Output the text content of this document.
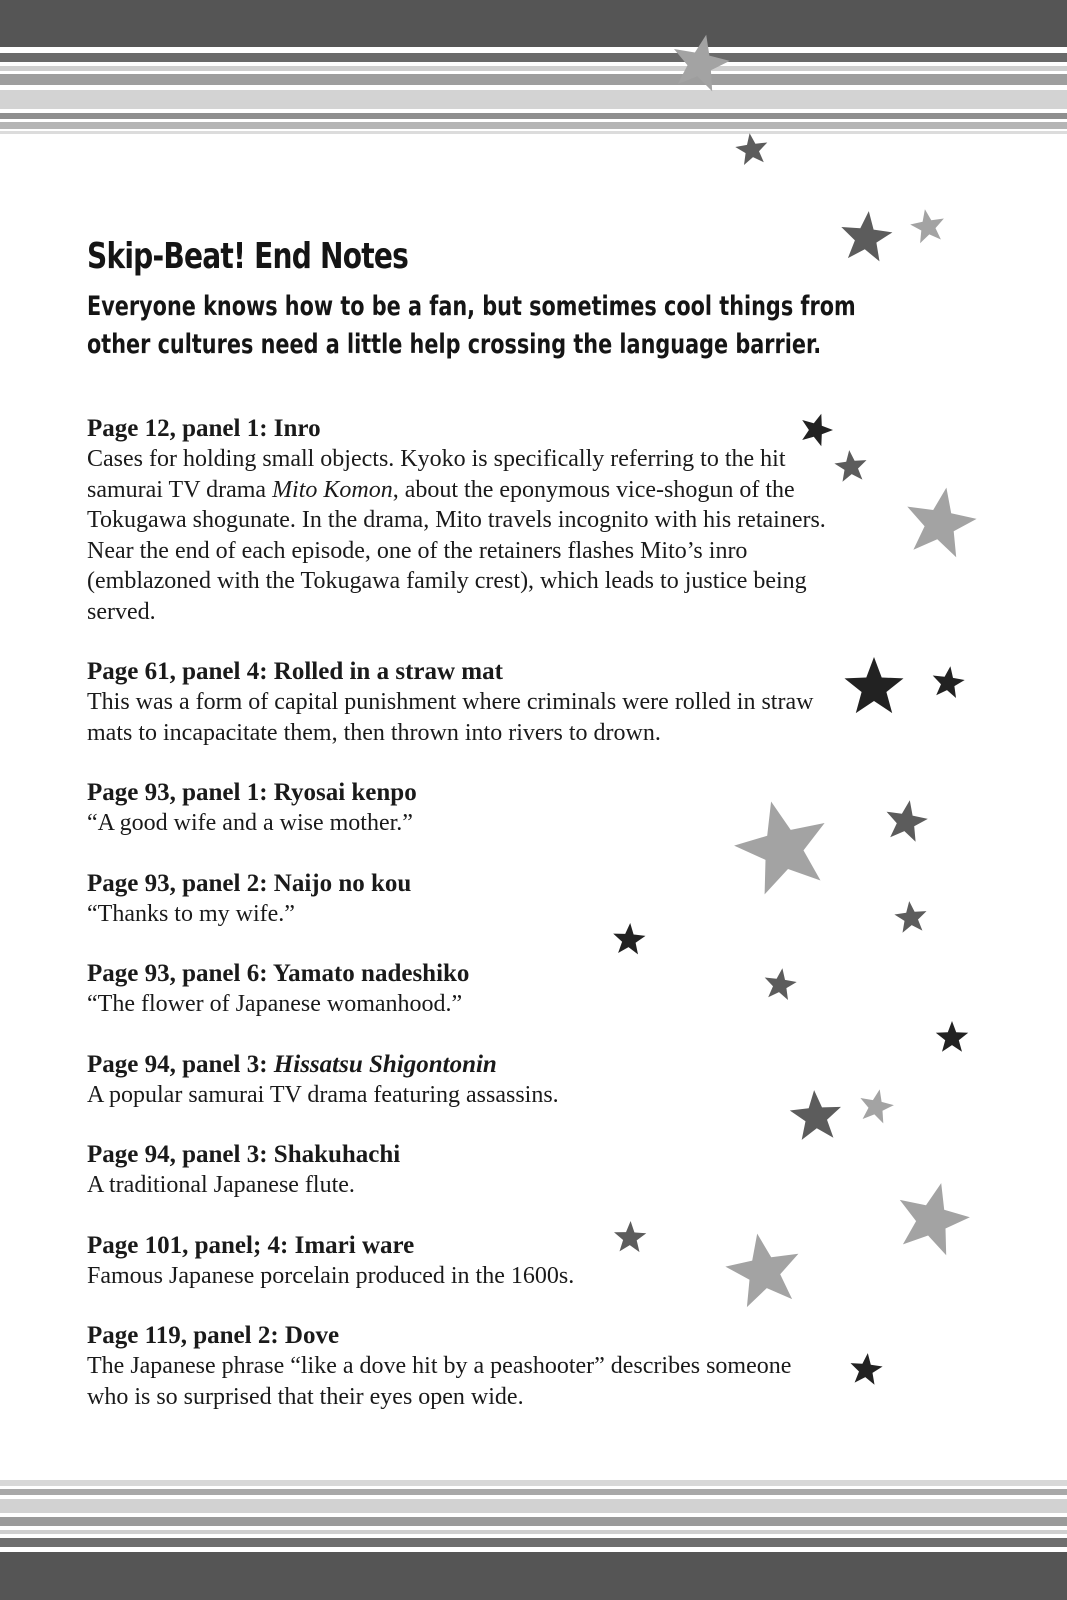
Skip-Beat! End Notes

Everyone knows how to be a fan, but sometimes cool things from other cultures need a little help crossing the language barrier.

Page 12, panel 1: Inro

Cases for holding small objects. Kyoko is specifically referring to the hit samurai TV drama Mito Komon, about the eponymous vice-shogun of the Tokugawa shogunate. In the drama, Mito travels incognito with his retainers. Near the end of each episode, one of the retainers flashes Mito’s inro (emblazoned with the Tokugawa family crest), which leads to justice being served.

Page 61, panel 4: Rolled in a straw mat

This was a form of capital punishment where criminals were rolled in straw mats to incapacitate them, then thrown into rivers to drown.

Page 93, panel 1: Ryosai kenpo

“A good wife and a wise mother.”

Page 93, panel 2: Naijo no kou

“Thanks to my wife.”

Page 93, panel 6: Yamato nadeshiko

“The flower of Japanese womanhood.”

Page 94, panel 3: Hissatsu Shigontonin

A popular samurai TV drama featuring assassins.

Page 94, panel 3: Shakuhachi

A traditional Japanese flute.

Page 101, panel; 4: Imari ware

Famous Japanese porcelain produced in the 1600s.

Page 119, panel 2: Dove

The Japanese phrase “like a dove hit by a peashooter” describes someone who is so surprised that their eyes open wide.
